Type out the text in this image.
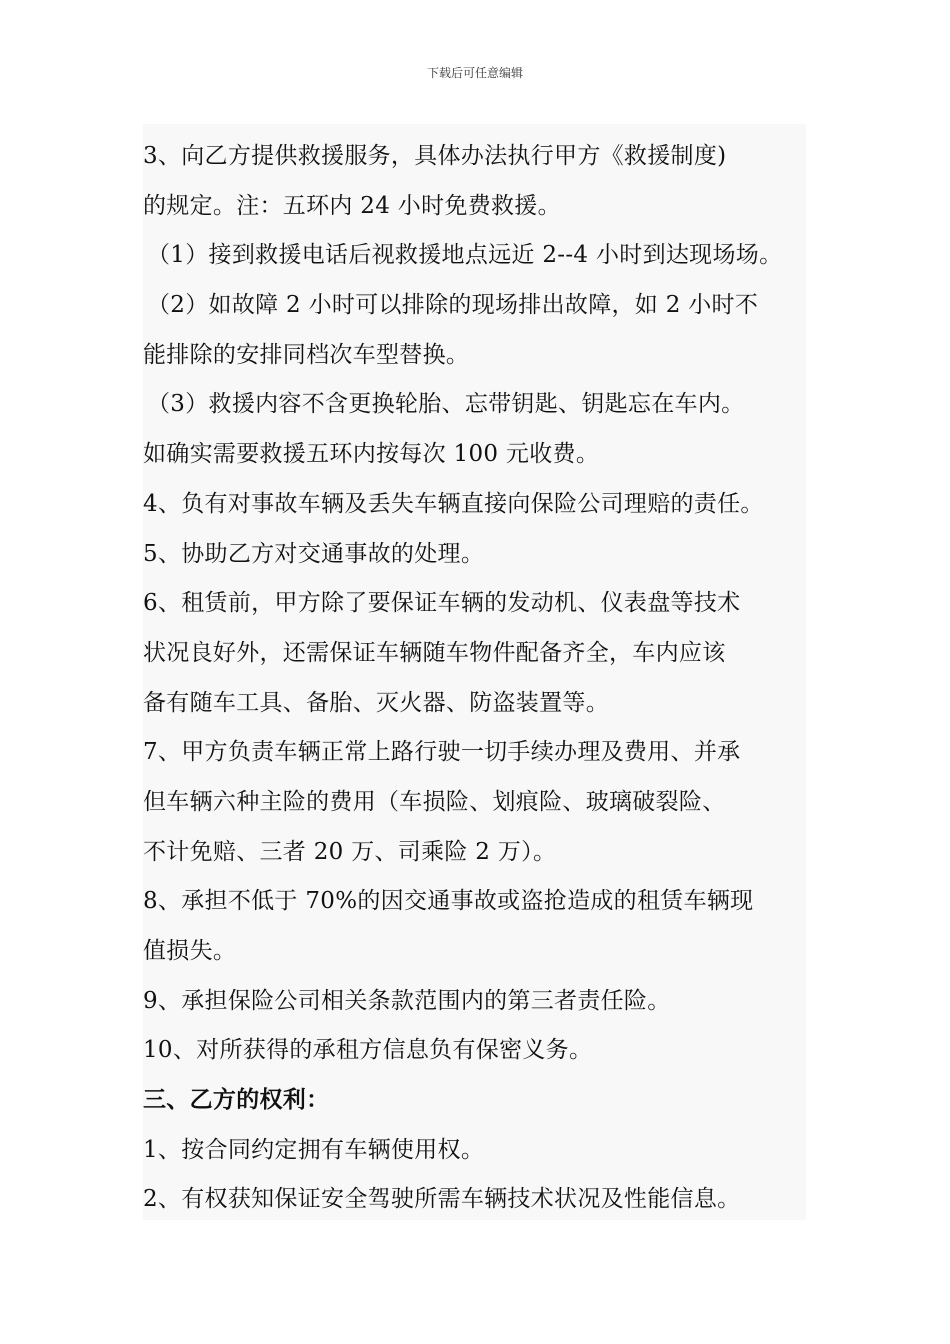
下载后可任意编辑
3、向乙方提供救援服务，具体办法执行甲方《救援制度)
的规定。注：五环内 24 小时免费救援。
（1）接到救援电话后视救援地点远近 2--4 小时到达现场场。
（2）如故障 2 小时可以排除的现场排出故障，如 2 小时不
能排除的安排同档次车型替换。
（3）救援内容不含更换轮胎、忘带钥匙、钥匙忘在车内。
如确实需要救援五环内按每次 100 元收费。
4、负有对事故车辆及丢失车辆直接向保险公司理赔的责任。
5、协助乙方对交通事故的处理。
6、租赁前，甲方除了要保证车辆的发动机、仪表盘等技术
状况良好外，还需保证车辆随车物件配备齐全，车内应该
备有随车工具、备胎、灭火器、防盗装置等。
7、甲方负责车辆正常上路行驶一切手续办理及费用、并承
但车辆六种主险的费用（车损险、划痕险、玻璃破裂险、
不计免赔、三者 20 万、司乘险 2 万）。
8、承担不低于 70%的因交通事故或盗抢造成的租赁车辆现
值损失。
9、承担保险公司相关条款范围内的第三者责任险。
10、对所获得的承租方信息负有保密义务。
三、乙方的权利：
1、按合同约定拥有车辆使用权。
2、有权获知保证安全驾驶所需车辆技术状况及性能信息。
